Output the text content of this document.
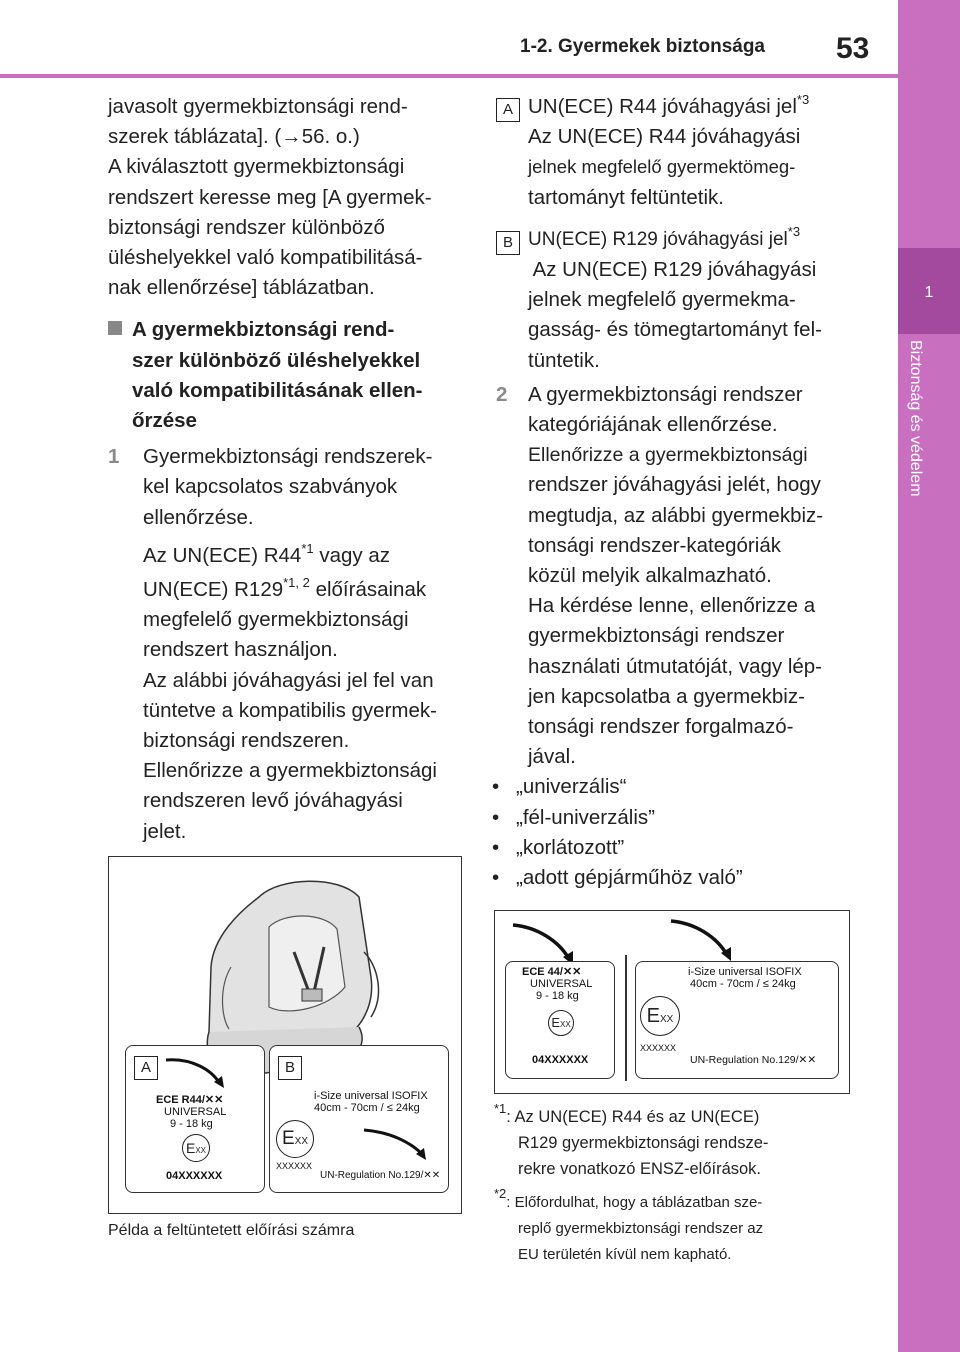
1-2. Gyermekek biztonsága 53
1
Biztonság és védelem

javasolt gyermekbiztonsági rend-

szerek táblázata]. (→56. o.)

A kiválasztott gyermekbiztonsági

rendszert keresse meg [A gyermek-

biztonsági rendszer különböző

üléshelyekkel való kompatibilitásá-

nak ellenőrzése] táblázatban.

A gyermekbiztonsági rend-

szer különböző üléshelyekkel

való kompatibilitásának ellen-

őrzése

1	Gyermekbiztonsági rendszerek-

kel kapcsolatos szabványok

ellenőrzése.

Az UN(ECE) R44$^{*1}$ vagy az

UN(ECE) R129$^{*1, 2}$ előírásainak

megfelelő gyermekbiztonsági

rendszert használjon.

Az alábbi jóváhagyási jel fel van

tüntetve a kompatibilis gyermek-

biztonsági rendszeren.

Ellenőrizze a gyermekbiztonsági

rendszeren levő jóváhagyási

jelet.

A
ECE R44/✕✕
UNIVERSAL
9 - 18 kg
EXX
04XXXXXX
B
i-Size universal ISOFIX
40cm - 70cm / ≤ 24kg
EXX
XXXXXX
UN-Regulation No.129/✕✕
Példa a feltüntetett előírási számra
A UN(ECE) R44 jóváhagyási jel$^{*3}$

Az UN(ECE) R44 jóváhagyási

jelnek megfelelő gyermektömeg-

tartományt feltüntetik.

B UN(ECE) R129 jóváhagyási jel$^{*3}$

Az UN(ECE) R129 jóváhagyási

jelnek megfelelő gyermekma-

gasság- és tömegtartományt fel-

tüntetik.

2	A gyermekbiztonsági rendszer

kategóriájának ellenőrzése.

Ellenőrizze a gyermekbiztonsági

rendszer jóváhagyási jelét, hogy

megtudja, az alábbi gyermekbiz-

tonsági rendszer-kategóriák

közül melyik alkalmazható.

Ha kérdése lenne, ellenőrizze a

gyermekbiztonsági rendszer

használati útmutatóját, vagy lép-

jen kapcsolatba a gyermekbiz-

tonsági rendszer forgalmazó-

jával.

• „univerzális“

• „fél-univerzális”

• „korlátozott”

• „adott gépjárműhöz való”

ECE 44/✕✕
UNIVERSAL
9 - 18 kg
EXX
04XXXXXX
i-Size universal ISOFIX
40cm - 70cm / ≤ 24kg
EXX
XXXXXX
UN-Regulation No.129/✕✕
$^{*1}$: Az UN(ECE) R44 és az UN(ECE)
R129 gyermekbiztonsági rendsze-
rekre vonatkozó ENSZ-előírások.
$^{*2}$: Előfordulhat, hogy a táblázatban sze-
replő gyermekbiztonsági rendszer az
EU területén kívül nem kapható.
